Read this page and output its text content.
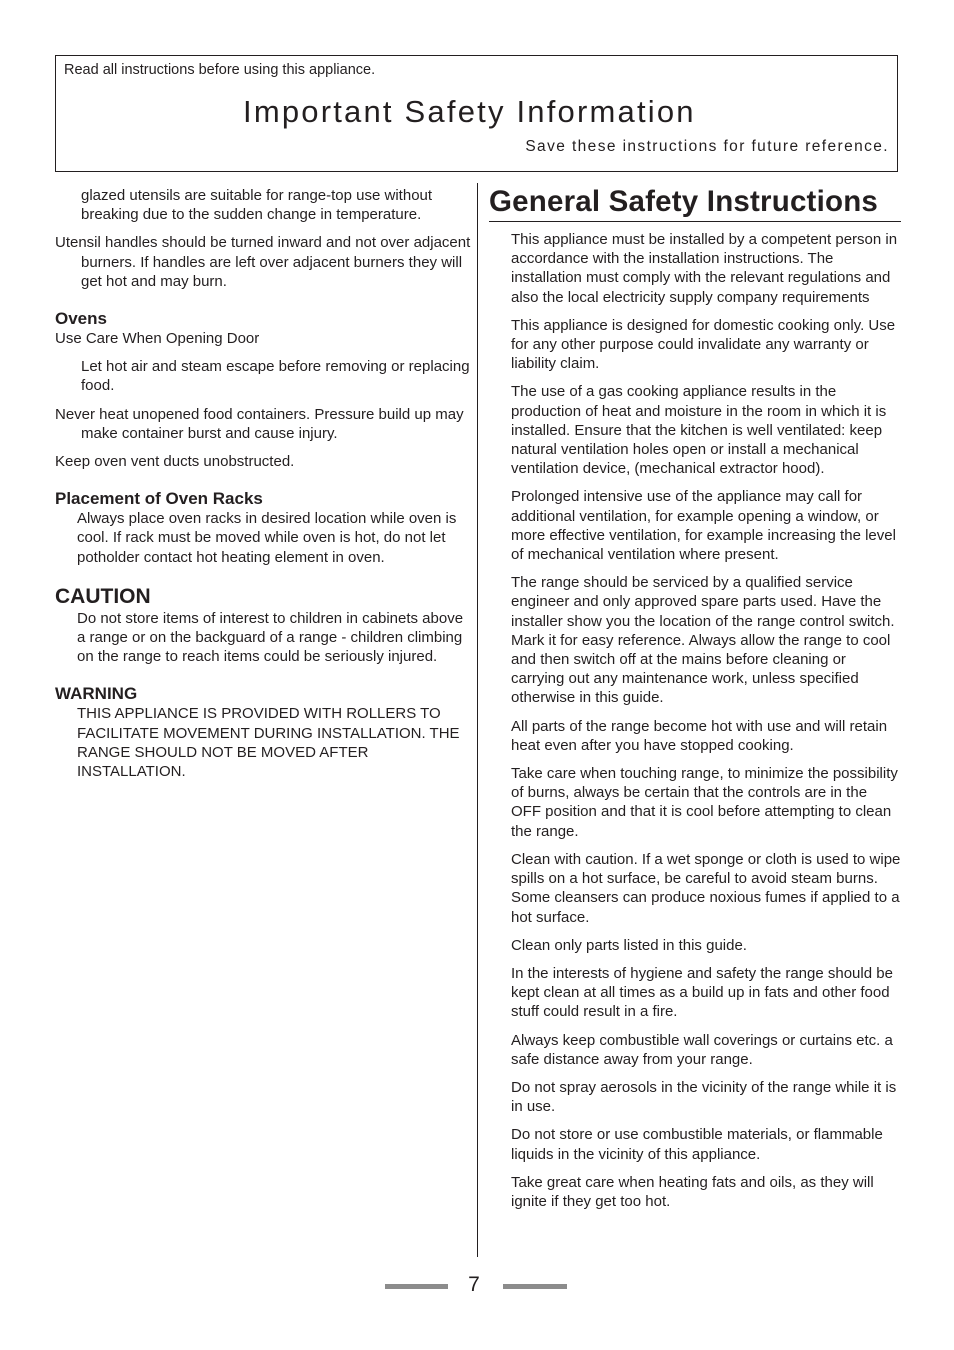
Read all instructions before using this appliance.
Important Safety Information
Save these instructions for future reference.

glazed utensils are suitable for range-top use without breaking due to the sudden change in temperature.

Utensil handles should be turned inward and not over adjacent burners. If handles are left over adjacent burners they will get hot and may burn.

Ovens

Use Care When Opening Door

Let hot air and steam escape before removing or replacing food.

Never heat unopened food containers. Pressure build up may make container burst and cause injury.

Keep oven vent ducts unobstructed.

Placement of Oven Racks

Always place oven racks in desired location while oven is cool. If rack must be moved while oven is hot, do not let potholder contact hot heating element in oven.

CAUTION

Do not store items of interest to children in cabinets above a range or on the backguard of a range - children climbing on the range to reach items could be seriously injured.

WARNING

THIS APPLIANCE IS PROVIDED WITH ROLLERS TO FACILITATE MOVEMENT DURING INSTALLATION. THE RANGE SHOULD NOT BE MOVED AFTER INSTALLATION.

General Safety Instructions

This appliance must be installed by a competent person in accordance with the installation instructions. The installation must comply with the relevant regulations and also the local electricity supply company requirements

This appliance is designed for domestic cooking only. Use for any other purpose could invalidate any warranty or liability claim.

The use of a gas cooking appliance results in the production of heat and moisture in the room in which it is installed. Ensure that the kitchen is well ventilated: keep natural ventilation holes open or install a mechanical ventilation device, (mechanical extractor hood).

Prolonged intensive use of the appliance may call for additional ventilation, for example opening a window, or more effective ventilation, for example increasing the level of mechanical ventilation where present.

The range should be serviced by a qualified service engineer and only approved spare parts used. Have the installer show you the location of the range control switch. Mark it for easy reference. Always allow the range to cool and then switch off at the mains before cleaning or carrying out any maintenance work, unless specified otherwise in this guide.

All parts of the range become hot with use and will retain heat even after you have stopped cooking.

Take care when touching range, to minimize the possibility of burns, always be certain that the controls are in the OFF position and that it is cool before attempting to clean the range.

Clean with caution. If a wet sponge or cloth is used to wipe spills on a hot surface, be careful to avoid steam burns. Some cleansers can produce noxious fumes if applied to a hot surface.

Clean only parts listed in this guide.

In the interests of hygiene and safety the range should be kept clean at all times as a build up in fats and other food stuff could result in a fire.

Always keep combustible wall coverings or curtains etc. a safe distance away from your range.

Do not spray aerosols in the vicinity of the range while it is in use.

Do not store or use combustible materials, or flammable liquids in the vicinity of this appliance.

Take great care when heating fats and oils, as they will ignite if they get too hot.

7
